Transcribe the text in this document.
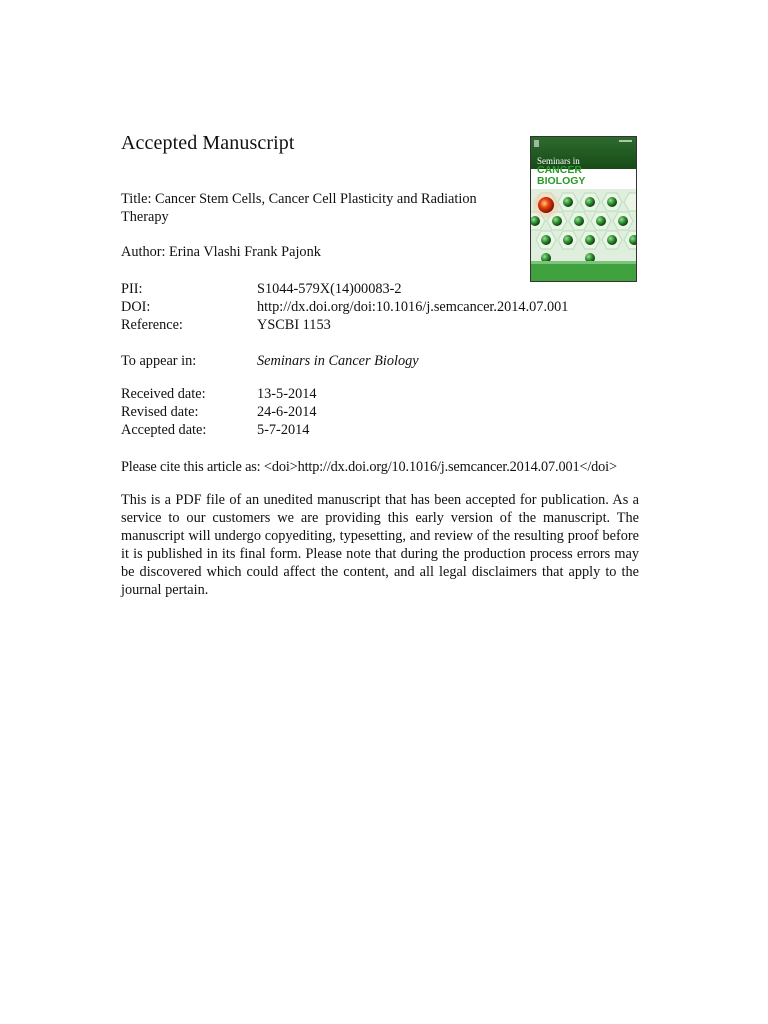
Accepted Manuscript
Title: Cancer Stem Cells, Cancer Cell Plasticity and Radiation
Therapy
Author: Erina Vlashi Frank Pajonk
PII:	S1044-579X(14)00083-2
DOI:	http://dx.doi.org/doi:10.1016/j.semcancer.2014.07.001
Reference:	YSCBI 1153
To appear in:	Seminars in Cancer Biology
Received date:	13-5-2014
Revised date:	24-6-2014
Accepted date:	5-7-2014
Please cite this article as: <doi>http://dx.doi.org/10.1016/j.semcancer.2014.07.001</doi>
This is a PDF file of an unedited manuscript that has been accepted for publication. As a service to our customers we are providing this early version of the manuscript. The manuscript will undergo copyediting, typesetting, and review of the resulting proof before it is published in its final form. Please note that during the production process errors may be discovered which could affect the content, and all legal disclaimers that apply to the journal pertain.
Seminars in
CANCER
BIOLOGY
